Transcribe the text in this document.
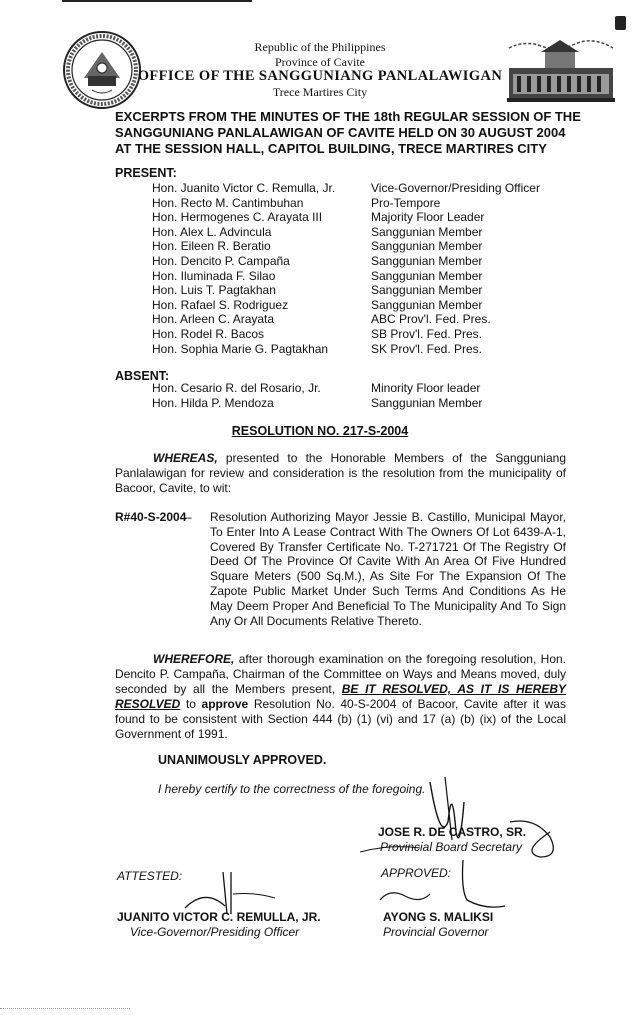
Republic of the Philippines
Province of Cavite
OFFICE OF THE SANGGUNIANG PANLALAWIGAN
Trece Martires City
EXCERPTS FROM THE MINUTES OF THE 18th REGULAR SESSION OF THE
SANGGUNIANG PANLALAWIGAN OF CAVITE HELD ON 30 AUGUST 2004
AT THE SESSION HALL, CAPITOL BUILDING, TRECE MARTIRES CITY
PRESENT:
Hon. Juanito Victor C. Remulla, Jr.	Vice-Governor/Presiding Officer
Hon. Recto M. Cantimbuhan	Pro-Tempore
Hon. Hermogenes C. Arayata III	Majority Floor Leader
Hon. Alex L. Advincula	Sanggunian Member
Hon. Eileen R. Beratio	Sanggunian Member
Hon. Dencito P. Campaña	Sanggunian Member
Hon. Iluminada F. Silao	Sanggunian Member
Hon. Luis T. Pagtakhan	Sanggunian Member
Hon. Rafael S. Rodriguez	Sanggunian Member
Hon. Arleen C. Arayata	ABC Prov'l. Fed. Pres.
Hon. Rodel R. Bacos	SB Prov'l. Fed. Pres.
Hon. Sophia Marie G. Pagtakhan	SK Prov'l. Fed. Pres.
ABSENT:
Hon. Cesario R. del Rosario, Jr.	Minority Floor leader
Hon. Hilda P. Mendoza	Sanggunian Member
RESOLUTION NO. 217-S-2004
WHEREAS, presented to the Honorable Members of the Sangguniang Panlalawigan for review and consideration is the resolution from the municipality of Bacoor, Cavite, to wit:
R#40-S-2004
– Resolution Authorizing Mayor Jessie B. Castillo, Municipal Mayor, To Enter Into A Lease Contract With The Owners Of Lot 6439-A-1, Covered By Transfer Certificate No. T-271721 Of The Registry Of Deed Of The Province Of Cavite With An Area Of Five Hundred Square Meters (500 Sq.M.), As Site For The Expansion Of The Zapote Public Market Under Such Terms And Conditions As He May Deem Proper And Beneficial To The Municipality And To Sign Any Or All Documents Relative Thereto.
WHEREFORE, after thorough examination on the foregoing resolution, Hon. Dencito P. Campaña, Chairman of the Committee on Ways and Means moved, duly seconded by all the Members present, BE IT RESOLVED, AS IT IS HEREBY RESOLVED to approve Resolution No. 40-S-2004 of Bacoor, Cavite after it was found to be consistent with Section 444 (b) (1) (vi) and 17 (a) (b) (ix) of the Local Government of 1991.
UNANIMOUSLY APPROVED.
I hereby certify to the correctness of the foregoing.
JOSE R. DE CASTRO, SR.
Provincial Board Secretary
ATTESTED:	APPROVED:
JUANITO VICTOR C. REMULLA, JR.
Vice-Governor/Presiding Officer
AYONG S. MALIKSI
Provincial Governor
